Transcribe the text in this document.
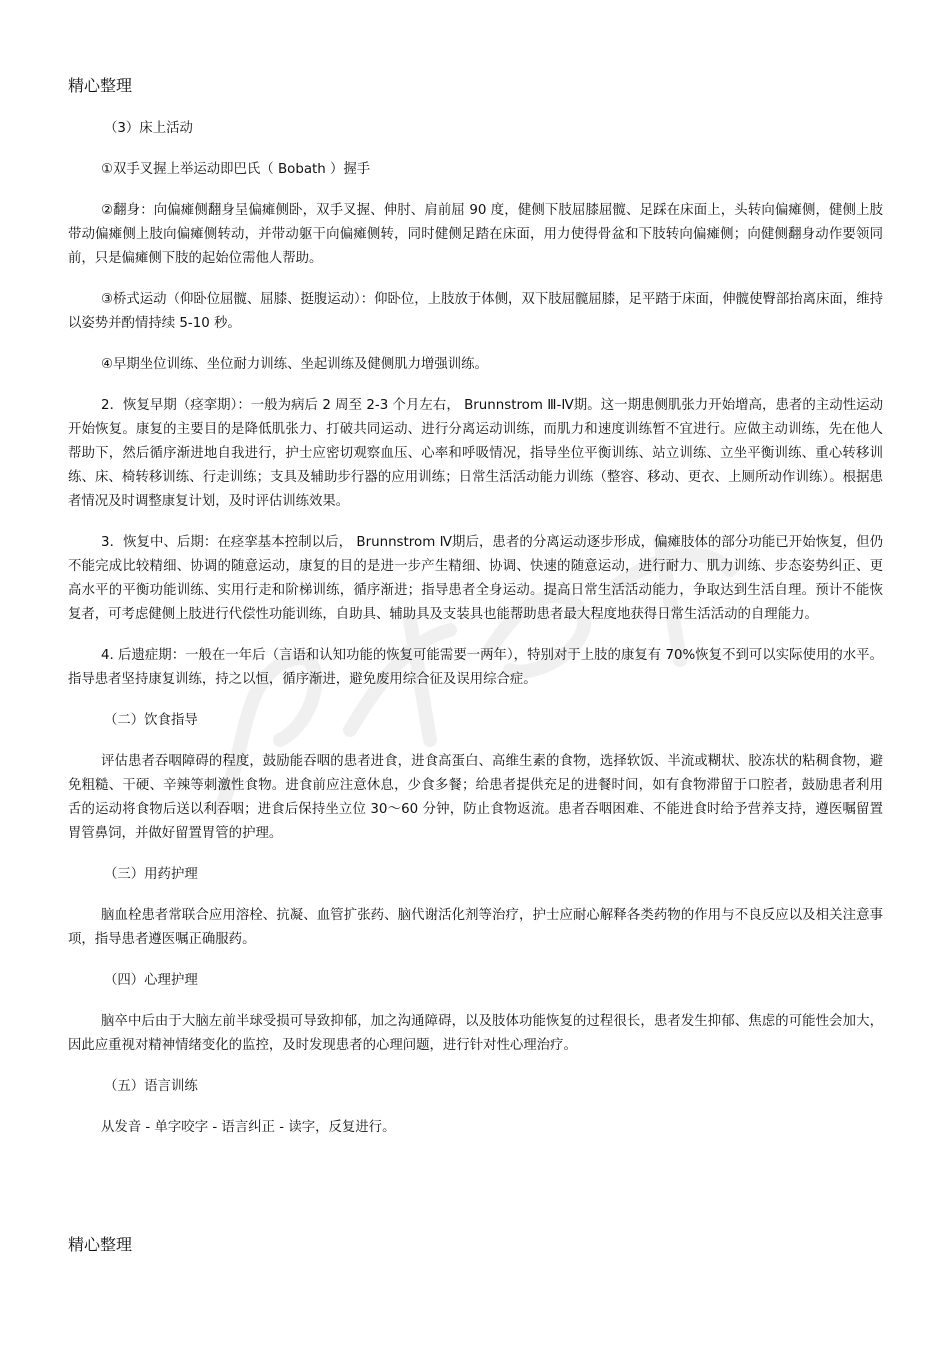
精心整理
（3）床上活动
①双手叉握上举运动即巴氏（ Bobath ）握手
②翻身：向偏瘫侧翻身呈偏瘫侧卧，双手叉握、伸肘、肩前屈 90 度，健侧下肢屈膝屈髋、足踩在床面上，头转向偏瘫侧，健侧上肢带动偏瘫侧上肢向偏瘫侧转动，并带动躯干向偏瘫侧转，同时健侧足踏在床面，用力使得骨盆和下肢转向偏瘫侧；向健侧翻身动作要领同前，只是偏瘫侧下肢的起始位需他人帮助。
③桥式运动（仰卧位屈髋、屈膝、挺腹运动）：仰卧位，上肢放于体侧，双下肢屈髋屈膝，足平踏于床面，伸髋使臀部抬离床面，维持以姿势并酌情持续 5-10 秒。
④早期坐位训练、坐位耐力训练、坐起训练及健侧肌力增强训练。
2．恢复早期（痉挛期）：一般为病后 2 周至 2-3 个月左右， Brunnstrom Ⅲ-Ⅳ期。这一期患侧肌张力开始增高，患者的主动性运动开始恢复。康复的主要目的是降低肌张力、打破共同运动、进行分离运动训练，而肌力和速度训练暂不宜进行。应做主动训练，先在他人帮助下，然后循序渐进地自我进行，护士应密切观察血压、心率和呼吸情况，指导坐位平衡训练、站立训练、立坐平衡训练、重心转移训练、床、椅转移训练、行走训练；支具及辅助步行器的应用训练；日常生活活动能力训练（整容、移动、更衣、上厕所动作训练）。根据患者情况及时调整康复计划，及时评估训练效果。
3．恢复中、后期：在痉挛基本控制以后， Brunnstrom Ⅳ期后，患者的分离运动逐步形成，偏瘫肢体的部分功能已开始恢复，但仍不能完成比较精细、协调的随意运动，康复的目的是进一步产生精细、协调、快速的随意运动，进行耐力、肌力训练、步态姿势纠正、更高水平的平衡功能训练、实用行走和阶梯训练，循序渐进；指导患者全身运动。提高日常生活活动能力，争取达到生活自理。预计不能恢复者，可考虑健侧上肢进行代偿性功能训练，自助具、辅助具及支装具也能帮助患者最大程度地获得日常生活活动的自理能力。
4. 后遗症期：一般在一年后（言语和认知功能的恢复可能需要一两年），特别对于上肢的康复有 70%恢复不到可以实际使用的水平。指导患者坚持康复训练，持之以恒，循序渐进，避免废用综合征及误用综合症。
（二）饮食指导
评估患者吞咽障碍的程度，鼓励能吞咽的患者进食，进食高蛋白、高维生素的食物，选择软饭、半流或糊状、胶冻状的粘稠食物，避免粗糙、干硬、辛辣等刺激性食物。进食前应注意休息，少食多餐；给患者提供充足的进餐时间，如有食物滞留于口腔者，鼓励患者利用舌的运动将食物后送以利吞咽；进食后保持坐立位 30～60 分钟，防止食物返流。患者吞咽困难、不能进食时给予营养支持，遵医嘱留置胃管鼻饲，并做好留置胃管的护理。
（三）用药护理
脑血栓患者常联合应用溶栓、抗凝、血管扩张药、脑代谢活化剂等治疗，护士应耐心解释各类药物的作用与不良反应以及相关注意事项，指导患者遵医嘱正确服药。
（四）心理护理
脑卒中后由于大脑左前半球受损可导致抑郁，加之沟通障碍，以及肢体功能恢复的过程很长，患者发生抑郁、焦虑的可能性会加大，因此应重视对精神情绪变化的监控，及时发现患者的心理问题，进行针对性心理治疗。
（五）语言训练
从发音 - 单字咬字 - 语言纠正 - 读字，反复进行。
精心整理
